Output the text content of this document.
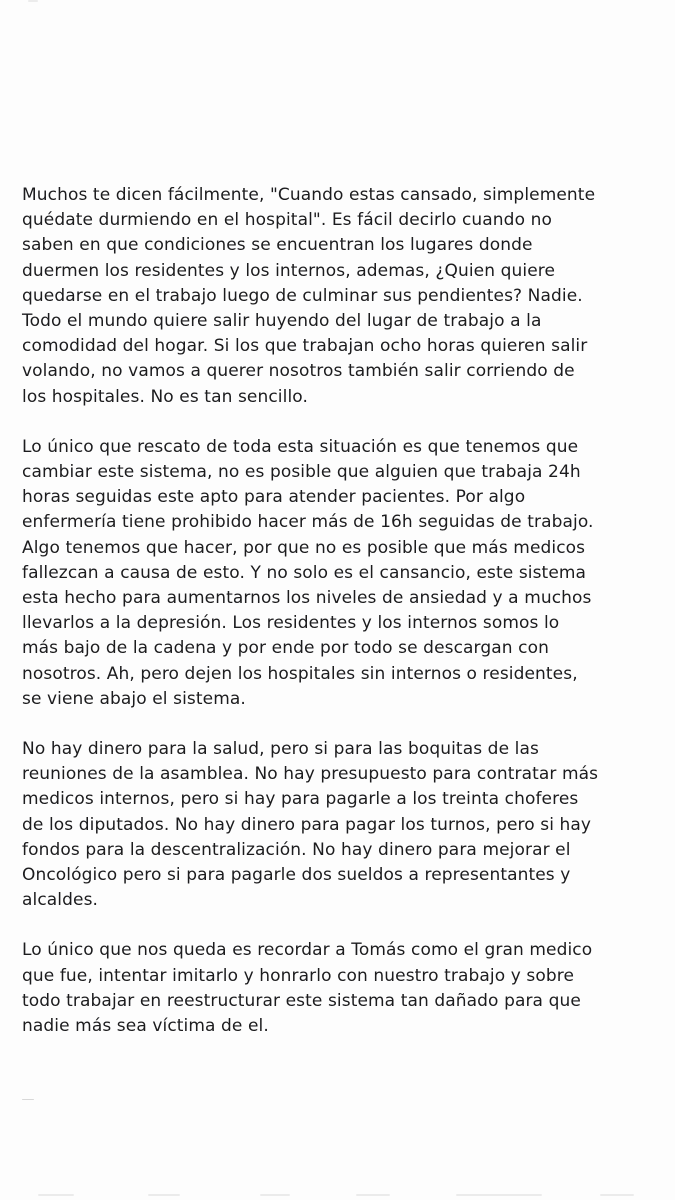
Muchos te dicen fácilmente, "Cuando estas cansado, simplemente
quédate durmiendo en el hospital". Es fácil decirlo cuando no
saben en que condiciones se encuentran los lugares donde
duermen los residentes y los internos, ademas, ¿Quien quiere
quedarse en el trabajo luego de culminar sus pendientes? Nadie.
Todo el mundo quiere salir huyendo del lugar de trabajo a la
comodidad del hogar. Si los que trabajan ocho horas quieren salir
volando, no vamos a querer nosotros también salir corriendo de
los hospitales. No es tan sencillo.

Lo único que rescato de toda esta situación es que tenemos que
cambiar este sistema, no es posible que alguien que trabaja 24h
horas seguidas este apto para atender pacientes. Por algo
enfermería tiene prohibido hacer más de 16h seguidas de trabajo.
Algo tenemos que hacer, por que no es posible que más medicos
fallezcan a causa de esto. Y no solo es el cansancio, este sistema
esta hecho para aumentarnos los niveles de ansiedad y a muchos
llevarlos a la depresión. Los residentes y los internos somos lo
más bajo de la cadena y por ende por todo se descargan con
nosotros. Ah, pero dejen los hospitales sin internos o residentes,
se viene abajo el sistema.

No hay dinero para la salud, pero si para las boquitas de las
reuniones de la asamblea. No hay presupuesto para contratar más
medicos internos, pero si hay para pagarle a los treinta choferes
de los diputados. No hay dinero para pagar los turnos, pero si hay
fondos para la descentralización. No hay dinero para mejorar el
Oncológico pero si para pagarle dos sueldos a representantes y
alcaldes.

Lo único que nos queda es recordar a Tomás como el gran medico
que fue, intentar imitarlo y honrarlo con nuestro trabajo y sobre
todo trabajar en reestructurar este sistema tan dañado para que
nadie más sea víctima de el.
